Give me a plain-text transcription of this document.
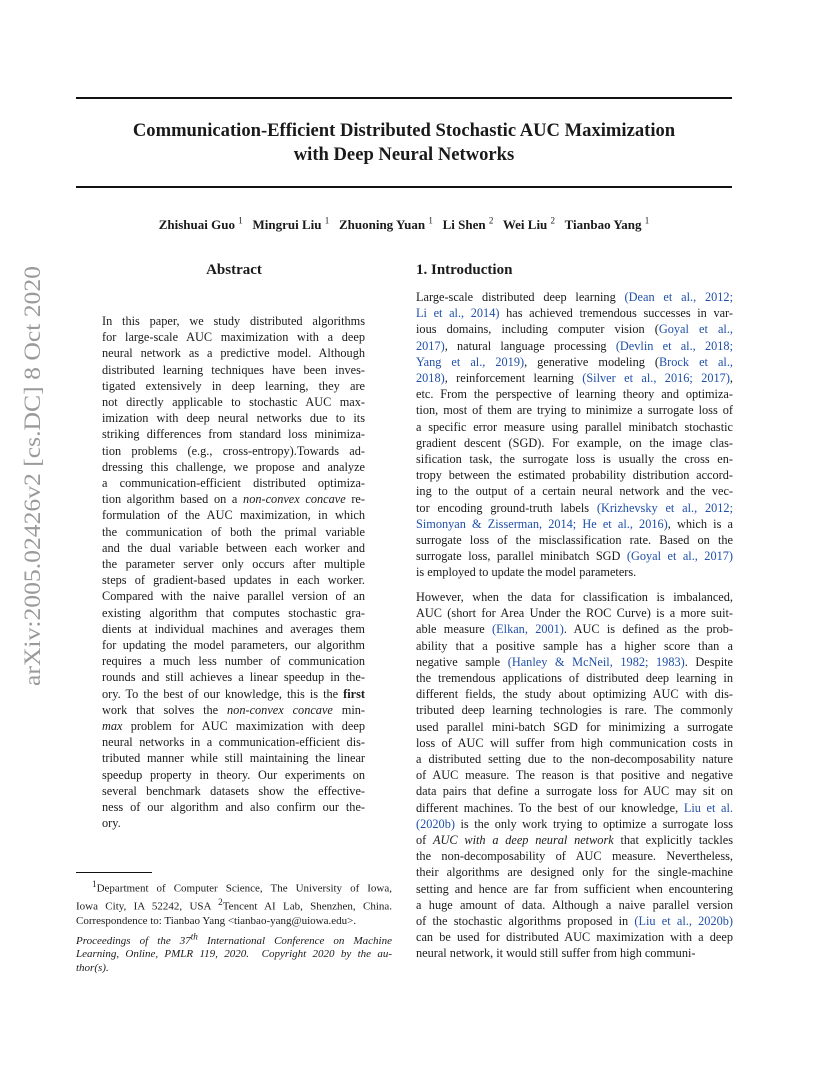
arXiv:2005.02426v2 [cs.DC] 8 Oct 2020
Communication-Efficient Distributed Stochastic AUC Maximization
with Deep Neural Networks
Zhishuai Guo $^1$ Mingrui Liu $^1$ Zhuoning Yuan $^1$ Li Shen $^2$ Wei Liu $^2$ Tianbao Yang $^1$
Abstract
In this paper, we study distributed algorithms
for large-scale AUC maximization with a deep
neural network as a predictive model. Although
distributed learning techniques have been inves-
tigated extensively in deep learning, they are
not directly applicable to stochastic AUC max-
imization with deep neural networks due to its
striking differences from standard loss minimiza-
tion problems (e.g., cross-entropy).Towards ad-
dressing this challenge, we propose and analyze
a communication-efficient distributed optimiza-
tion algorithm based on a non-convex concave re-
formulation of the AUC maximization, in which
the communication of both the primal variable
and the dual variable between each worker and
the parameter server only occurs after multiple
steps of gradient-based updates in each worker.
Compared with the naive parallel version of an
existing algorithm that computes stochastic gra-
dients at individual machines and averages them
for updating the model parameters, our algorithm
requires a much less number of communication
rounds and still achieves a linear speedup in the-
ory. To the best of our knowledge, this is the first
work that solves the non-convex concave min-
max problem for AUC maximization with deep
neural networks in a communication-efficient dis-
tributed manner while still maintaining the linear
speedup property in theory. Our experiments on
several benchmark datasets show the effective-
ness of our algorithm and also confirm our the-
ory.
$^1$Department of Computer Science, The University of Iowa,
Iowa City, IA 52242, USA $^2$Tencent AI Lab, Shenzhen, China.
Correspondence to: Tianbao Yang <tianbao-yang@uiowa.edu>.
Proceedings of the 37th International Conference on Machine
Learning, Online, PMLR 119, 2020.  Copyright 2020 by the au-
thor(s).
1. Introduction
Large-scale distributed deep learning (Dean et al., 2012;
Li et al., 2014) has achieved tremendous successes in var-
ious domains, including computer vision (Goyal et al.,
2017), natural language processing (Devlin et al., 2018;
Yang et al., 2019), generative modeling (Brock et al.,
2018), reinforcement learning (Silver et al., 2016; 2017),
etc. From the perspective of learning theory and optimiza-
tion, most of them are trying to minimize a surrogate loss of
a specific error measure using parallel minibatch stochastic
gradient descent (SGD). For example, on the image clas-
sification task, the surrogate loss is usually the cross en-
tropy between the estimated probability distribution accord-
ing to the output of a certain neural network and the vec-
tor encoding ground-truth labels (Krizhevsky et al., 2012;
Simonyan & Zisserman, 2014; He et al., 2016), which is a
surrogate loss of the misclassification rate. Based on the
surrogate loss, parallel minibatch SGD (Goyal et al., 2017)
is employed to update the model parameters.
However, when the data for classification is imbalanced,
AUC (short for Area Under the ROC Curve) is a more suit-
able measure (Elkan, 2001). AUC is defined as the prob-
ability that a positive sample has a higher score than a
negative sample (Hanley & McNeil, 1982; 1983). Despite
the tremendous applications of distributed deep learning in
different fields, the study about optimizing AUC with dis-
tributed deep learning technologies is rare. The commonly
used parallel mini-batch SGD for minimizing a surrogate
loss of AUC will suffer from high communication costs in
a distributed setting due to the non-decomposability nature
of AUC measure. The reason is that positive and negative
data pairs that define a surrogate loss for AUC may sit on
different machines. To the best of our knowledge, Liu et al.
(2020b) is the only work trying to optimize a surrogate loss
of AUC with a deep neural network that explicitly tackles
the non-decomposability of AUC measure. Nevertheless,
their algorithms are designed only for the single-machine
setting and hence are far from sufficient when encountering
a huge amount of data. Although a naive parallel version
of the stochastic algorithms proposed in (Liu et al., 2020b)
can be used for distributed AUC maximization with a deep
neural network, it would still suffer from high communi-
